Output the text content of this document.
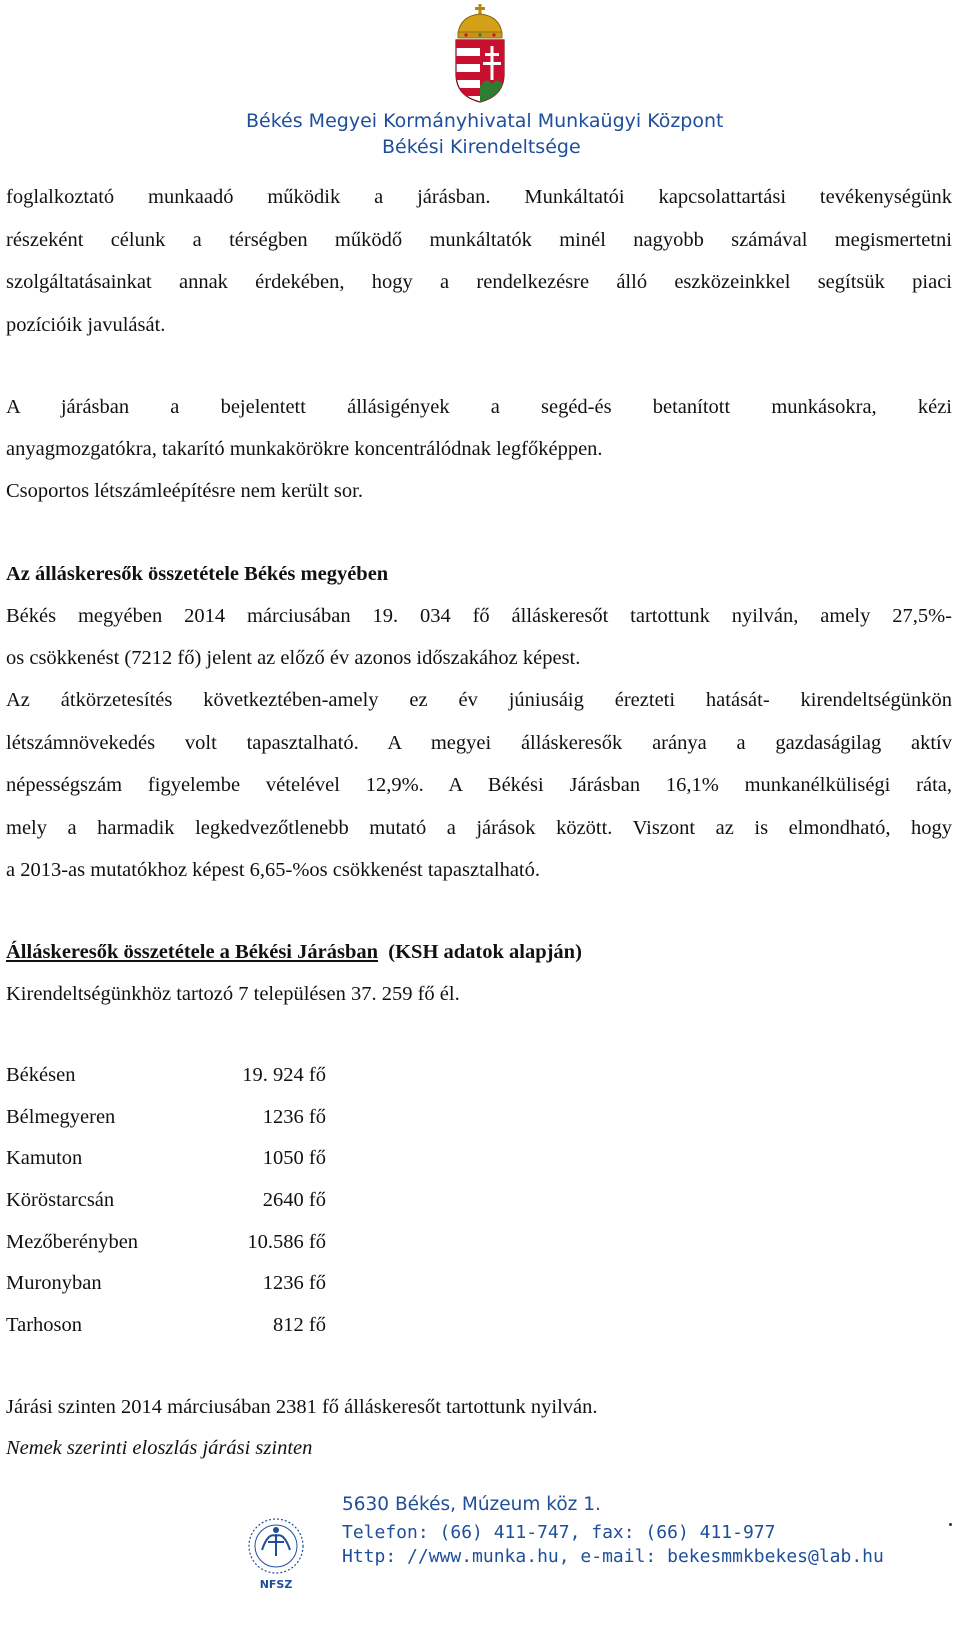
Békés Megyei Kormányhivatal Munkaügyi Központ
Békési Kirendeltsége
foglalkoztató munkaadó működik a járásban. Munkáltatói kapcsolattartási tevékenységünk
részeként célunk a térségben működő munkáltatók minél nagyobb számával megismertetni
szolgáltatásainkat annak érdekében, hogy a rendelkezésre álló eszközeinkkel segítsük piaci
pozícióik javulását.
A járásban a bejelentett állásigények a segéd-és betanított munkásokra, kézi
anyagmozgatókra, takarító munkakörökre koncentrálódnak legfőképpen.
Csoportos létszámleépítésre nem került sor.
Az álláskeresők összetétele Békés megyében
Békés megyében 2014 márciusában 19. 034 fő álláskeresőt tartottunk nyilván, amely 27,5%-
os csökkenést (7212 fő) jelent az előző év azonos időszakához képest.
Az átkörzetesítés következtében-amely ez év júniusáig érezteti hatását- kirendeltségünkön
létszámnövekedés volt tapasztalható. A megyei álláskeresők aránya a gazdaságilag aktív
népességszám figyelembe vételével 12,9%. A Békési Járásban 16,1% munkanélküliségi ráta,
mely a harmadik legkedvezőtlenebb mutató a járások között. Viszont az is elmondható, hogy
a 2013-as mutatókhoz képest 6,65-%os csökkenést tapasztalható.
Álláskeresők összetétele a Békési Járásban (KSH adatok alapján)
Kirendeltségünkhöz tartozó 7 településen 37. 259 fő él.
Békésen	19. 924 fő
Bélmegyeren	1236 fő
Kamuton	1050 fő
Köröstarcsán	2640 fő
Mezőberényben	10.586 fő
Muronyban	1236 fő
Tarhoson	812 fő
Járási szinten 2014 márciusában 2381 fő álláskeresőt tartottunk nyilván.
Nemek szerinti eloszlás járási szinten
NFSZ
5630 Békés, Múzeum köz 1.
Telefon: (66) 411-747, fax: (66) 411-977
Http: //www.munka.hu, e-mail: bekesmmkbekes@lab.hu
